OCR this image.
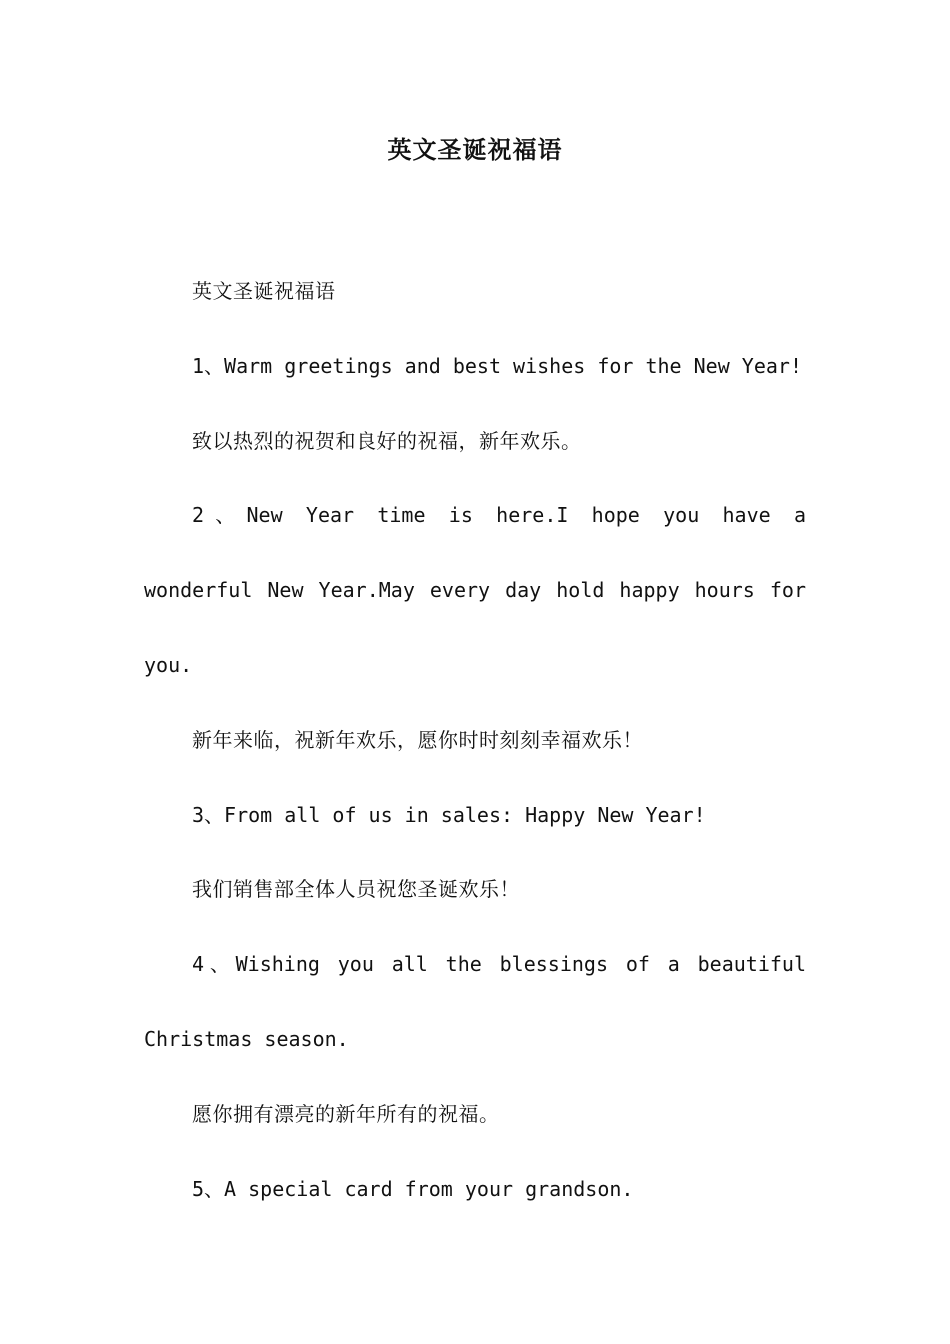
英文圣诞祝福语

英文圣诞祝福语

1、Warm greetings and best wishes for the New Year!

致以热烈的祝贺和良好的祝福，新年欢乐。

2、New Year time is here.I hope you have a wonderful New Year.May every day hold happy hours for you.

新年来临，祝新年欢乐，愿你时时刻刻幸福欢乐！

3、From all of us in sales: Happy New Year!

我们销售部全体人员祝您圣诞欢乐！

4、Wishing you all the blessings of a beautiful Christmas season.

愿你拥有漂亮的新年所有的祝福。

5、A special card from your grandson.
